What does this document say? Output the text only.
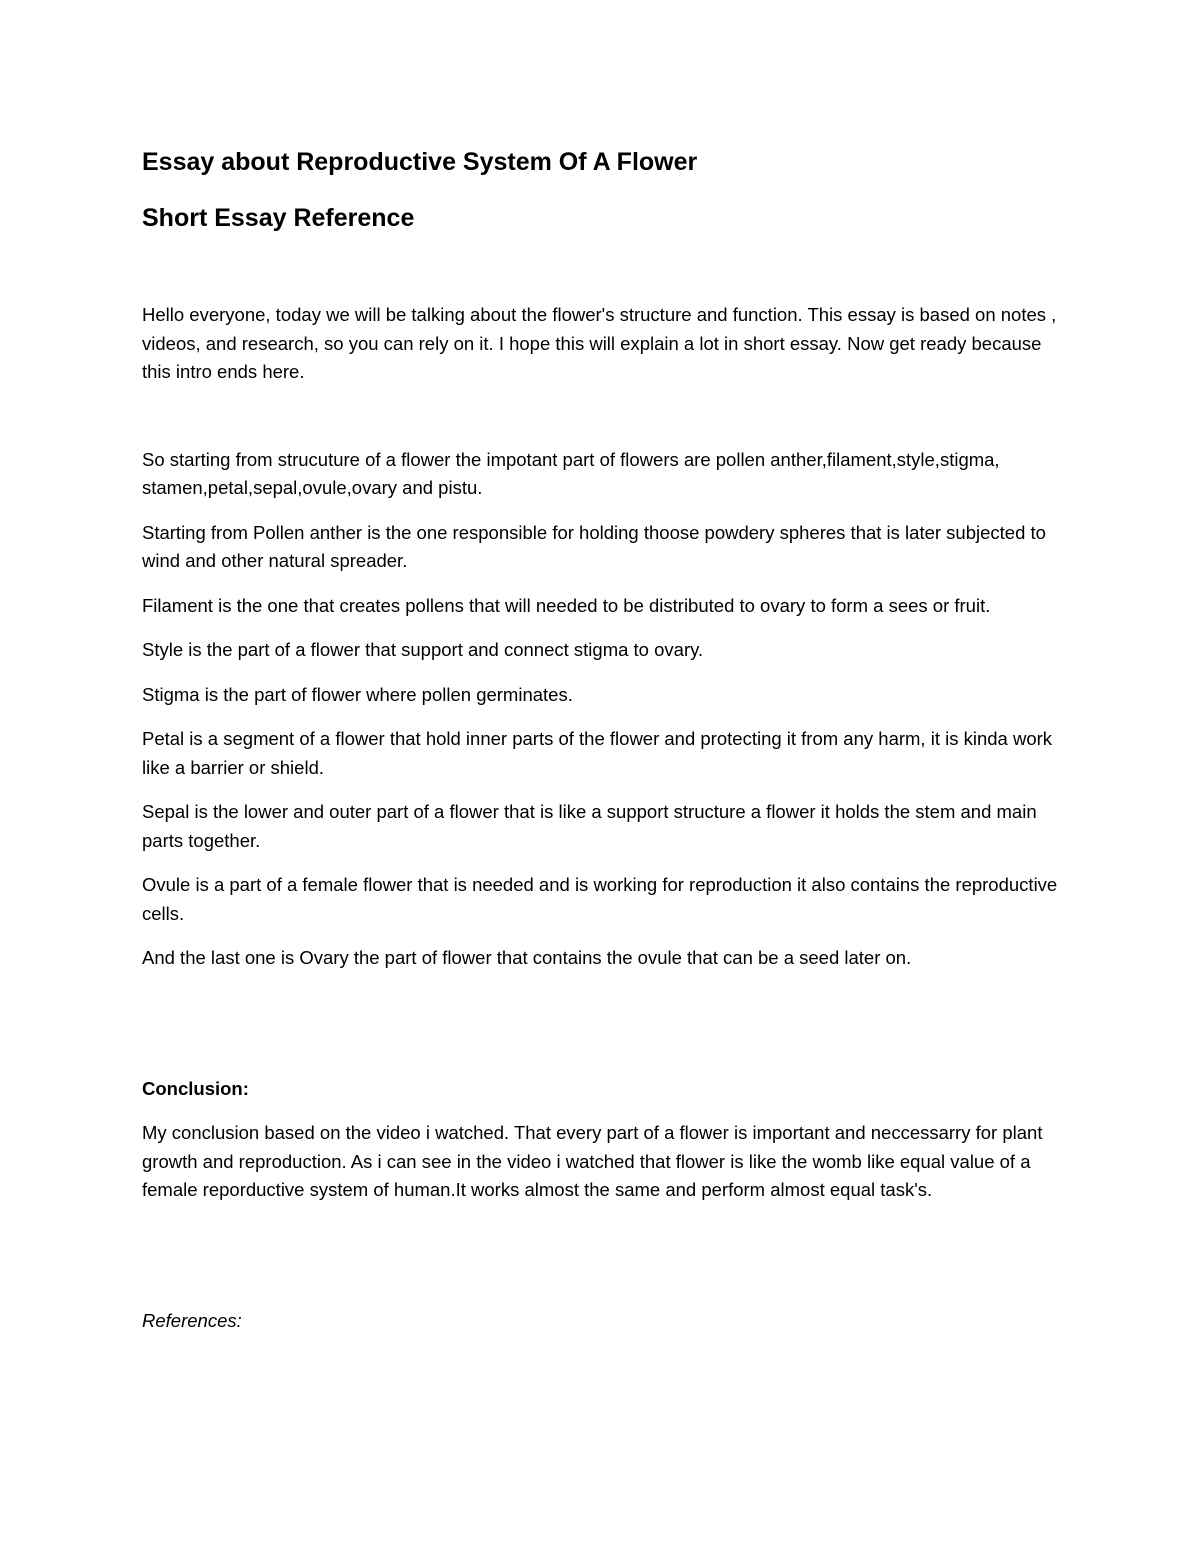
Essay about Reproductive System Of A Flower
Short Essay Reference

Hello everyone, today we will be talking about the flower's structure and function. This essay is based on notes , videos, and research, so you can rely on it. I hope this will explain a lot in short essay. Now get ready because this intro ends here.

So starting from strucuture of a flower the impotant part of flowers are pollen anther,filament,style,stigma, stamen,petal,sepal,ovule,ovary and pistu.

Starting from Pollen anther is the one responsible for holding thoose powdery spheres that is later subjected to wind and other natural spreader.

Filament is the one that creates pollens that will needed to be distributed to ovary to form a sees or fruit.

Style is the part of a flower that support and connect stigma to ovary.

Stigma is the part of flower where pollen germinates.

Petal is a segment of a flower that hold inner parts of the flower and protecting it from any harm, it is kinda work like a barrier or shield.

Sepal is the lower and outer part of a flower that is like a support structure a flower it holds the stem and main parts together.

Ovule is a part of a female flower that is needed and is working for reproduction it also contains the reproductive cells.

And the last one is Ovary the part of flower that contains the ovule that can be a seed later on.

Conclusion:

My conclusion based on the video i watched. That every part of a flower is important and neccessarry for plant growth and reproduction. As i can see in the video i watched that flower is like the womb like equal value of a female reporductive system of human.It works almost the same and perform almost equal task's.

References:
